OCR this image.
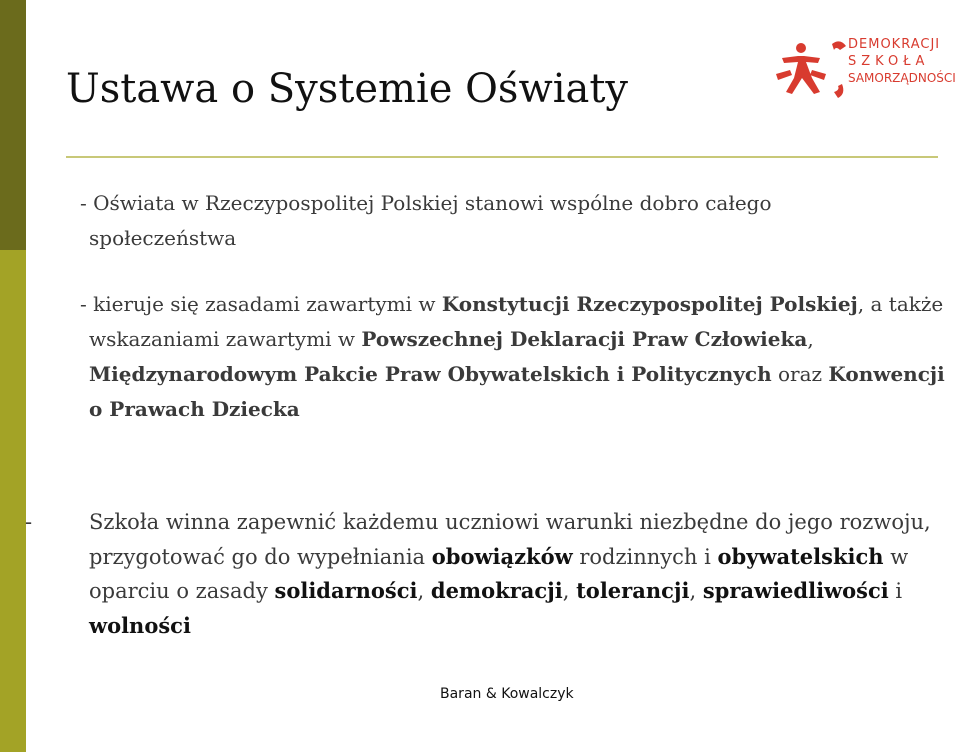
Ustawa o Systemie Oświaty
DEMOKRACJI
SZKOŁA
SAMORZĄDNOŚCI
- Oświata w Rzeczypospolitej Polskiej stanowi wspólne dobro całego
społeczeństwa
- kieruje się zasadami zawartymi w Konstytucji Rzeczypospolitej Polskiej, a także wskazaniami zawartymi w Powszechnej Deklaracji Praw Człowieka, Międzynarodowym Pakcie Praw Obywatelskich i Politycznych oraz Konwencji o Prawach Dziecka
-	Szkoła winna zapewnić każdemu uczniowi warunki niezbędne do jego rozwoju, przygotować go do wypełniania obowiązków rodzinnych i obywatelskich w oparciu o zasady solidarności, demokracji, tolerancji, sprawiedliwości i wolności
Baran & Kowalczyk
